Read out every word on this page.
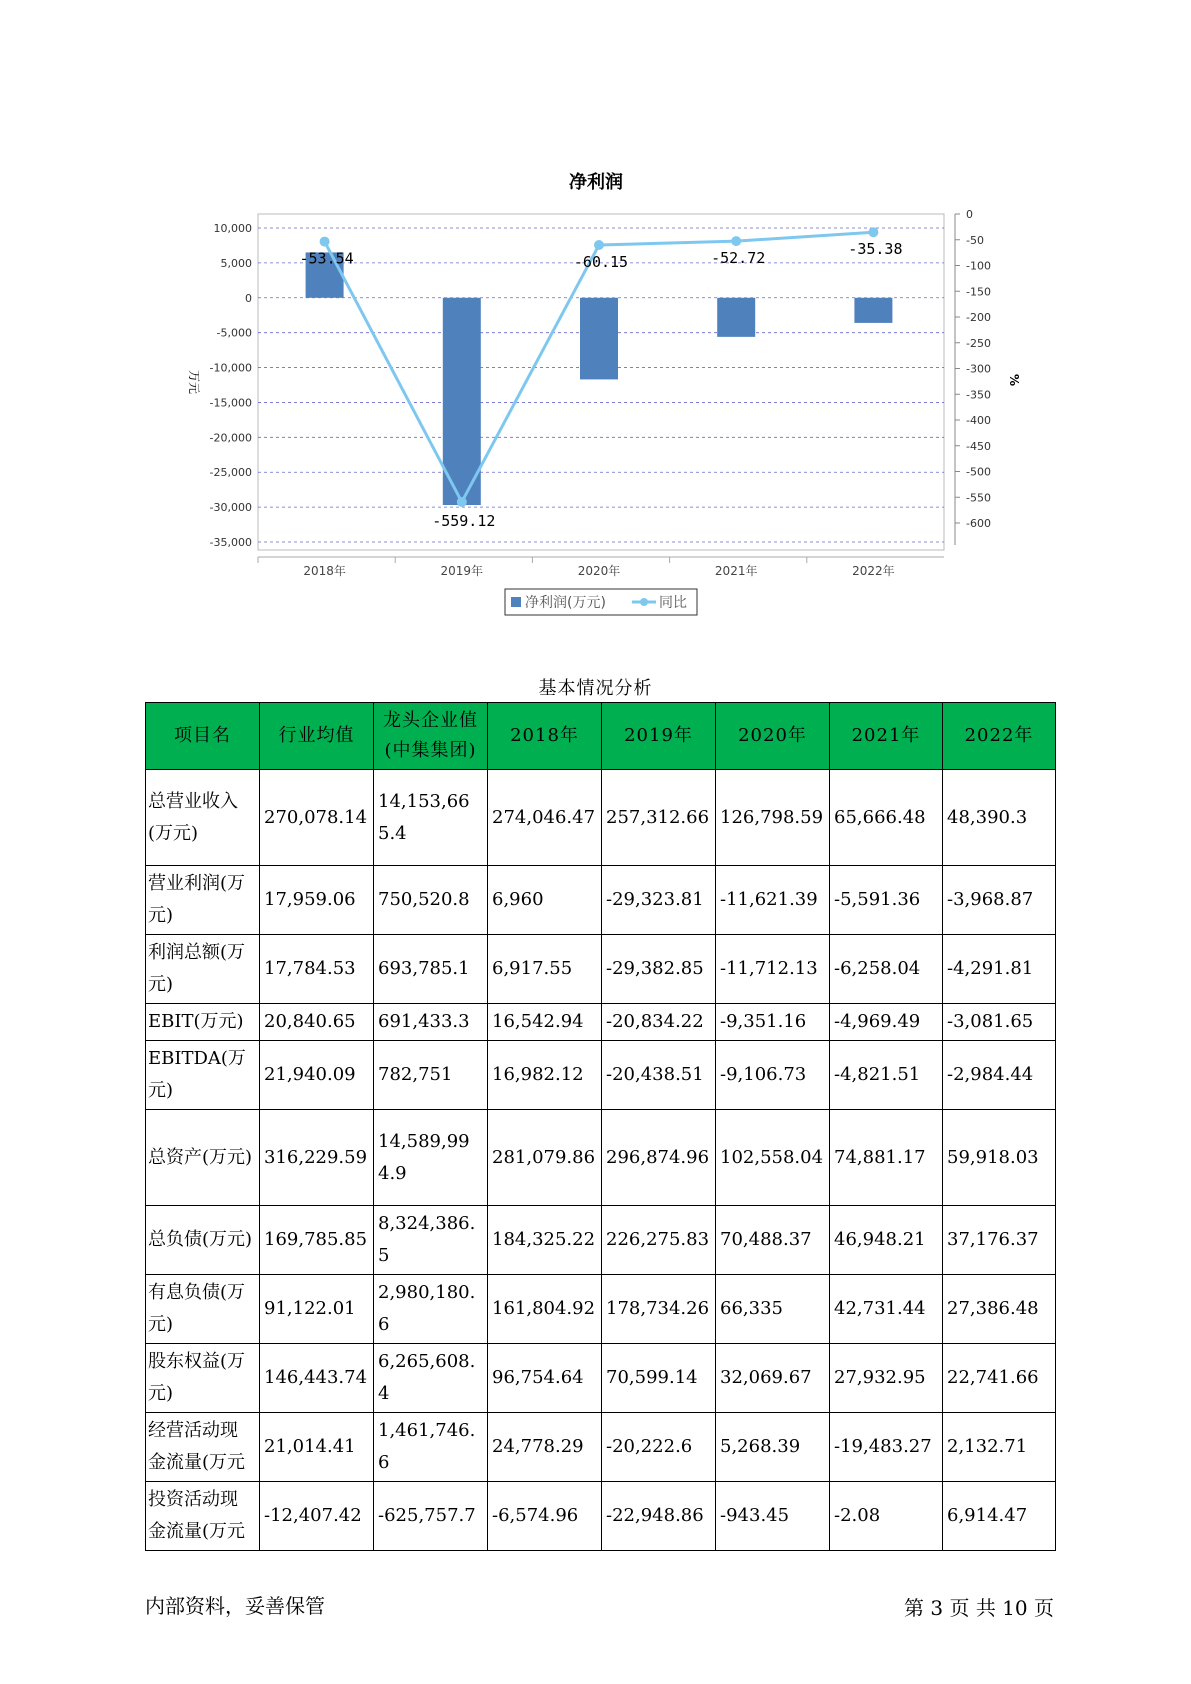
净利润
10,000
5,000
0
-5,000
-10,000
-15,000
-20,000
-25,000
-30,000
-35,000
万元
0
-50
-100
-150
-200
-250
-300
-350
-400
-450
-500
-550
-600
%
2018年	2019年	2020年	2021年	2022年
-53.54
-559.12
-60.15	-52.72	-35.38
净利润(万元)	同比
基本情况分析
项目名	行业均值	龙头企业值(中集集团)	2018年	2019年	2020年	2021年	2022年
总营业收入(万元)	270,078.14	14,153,665.4	274,046.47	257,312.66	126,798.59	65,666.48	48,390.3
营业利润(万元)	17,959.06	750,520.8	6,960	-29,323.81	-11,621.39	-5,591.36	-3,968.87
利润总额(万元)	17,784.53	693,785.1	6,917.55	-29,382.85	-11,712.13	-6,258.04	-4,291.81
EBIT(万元)	20,840.65	691,433.3	16,542.94	-20,834.22	-9,351.16	-4,969.49	-3,081.65
EBITDA(万元)	21,940.09	782,751	16,982.12	-20,438.51	-9,106.73	-4,821.51	-2,984.44
总资产(万元)	316,229.59	14,589,994.9	281,079.86	296,874.96	102,558.04	74,881.17	59,918.03
总负债(万元)	169,785.85	8,324,386.5	184,325.22	226,275.83	70,488.37	46,948.21	37,176.37
有息负债(万元)	91,122.01	2,980,180.6	161,804.92	178,734.26	66,335	42,731.44	27,386.48
股东权益(万元)	146,443.74	6,265,608.4	96,754.64	70,599.14	32,069.67	27,932.95	22,741.66
经营活动现金流量(万元	21,014.41	1,461,746.6	24,778.29	-20,222.6	5,268.39	-19,483.27	2,132.71
投资活动现金流量(万元	-12,407.42	-625,757.7	-6,574.96	-22,948.86	-943.45	-2.08	6,914.47
内部资料，妥善保管	第 3 页 共 10 页
